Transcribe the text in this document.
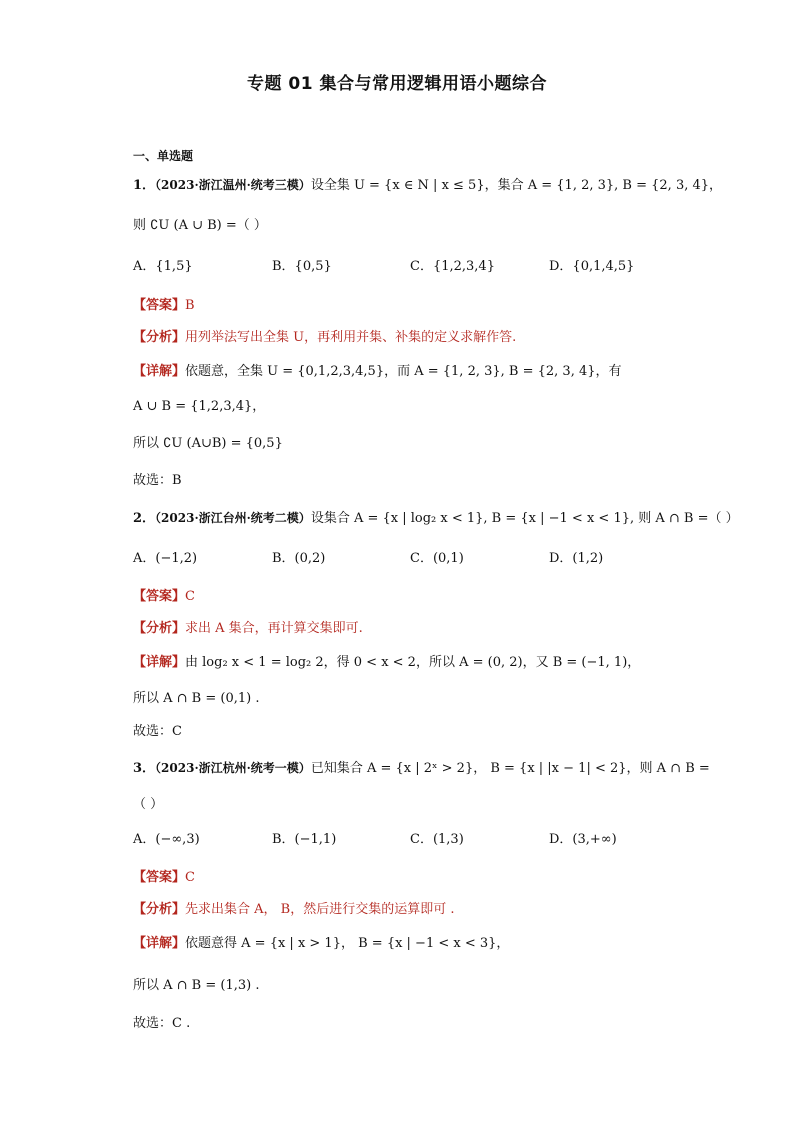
专题 01 集合与常用逻辑用语小题综合
一、单选题
1．（2023·浙江温州·统考三模）设全集 U = {x ∈ N | x ≤ 5}，集合 A = {1, 2, 3}, B = {2, 3, 4}，
则 ∁U (A ∪ B) =（ ）
A．{1,5}	B．{0,5}	C．{1,2,3,4}	D．{0,1,4,5}
【答案】B
【分析】用列举法写出全集 U，再利用并集、补集的定义求解作答.
【详解】依题意，全集 U = {0,1,2,3,4,5}，而 A = {1, 2, 3}, B = {2, 3, 4}，有
A ∪ B = {1,2,3,4}，
所以 ∁U (A∪B) = {0,5}
故选：B
2．（2023·浙江台州·统考二模）设集合 A = {x | log₂ x < 1}, B = {x | −1 < x < 1}, 则 A ∩ B =（ ）
A．(−1,2)	B．(0,2)	C．(0,1)	D．(1,2)
【答案】C
【分析】求出 A 集合，再计算交集即可.
【详解】由 log₂ x < 1 = log₂ 2，得 0 < x < 2，所以 A = (0, 2)，又 B = (−1, 1)，
所以 A ∩ B = (0,1) .
故选：C
3．（2023·浙江杭州·统考一模）已知集合 A = {x | 2ˣ > 2}， B = {x | |x − 1| < 2}，则 A ∩ B =
（ ）
A．(−∞,3)	B．(−1,1)	C．(1,3)	D．(3,+∞)
【答案】C
【分析】先求出集合 A， B，然后进行交集的运算即可 .
【详解】依题意得 A = {x | x > 1}， B = {x | −1 < x < 3}，
所以 A ∩ B = (1,3) .
故选：C .
